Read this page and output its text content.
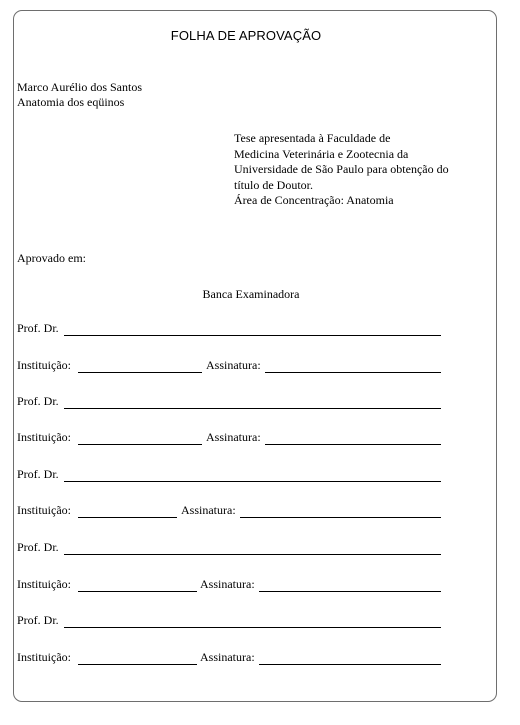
FOLHA DE APROVAÇÃO
Marco Aurélio dos Santos
Anatomia dos eqüinos
Tese apresentada à Faculdade de
Medicina Veterinária e Zootecnia da
Universidade de São Paulo para obtenção do
título de Doutor.
Área de Concentração: Anatomia
Aprovado em:
Banca Examinadora
Prof. Dr.
Instituição:	Assinatura:
Prof. Dr.
Instituição:	Assinatura:
Prof. Dr.
Instituição:	Assinatura:
Prof. Dr.
Instituição:	Assinatura:
Prof. Dr.
Instituição:	Assinatura:
